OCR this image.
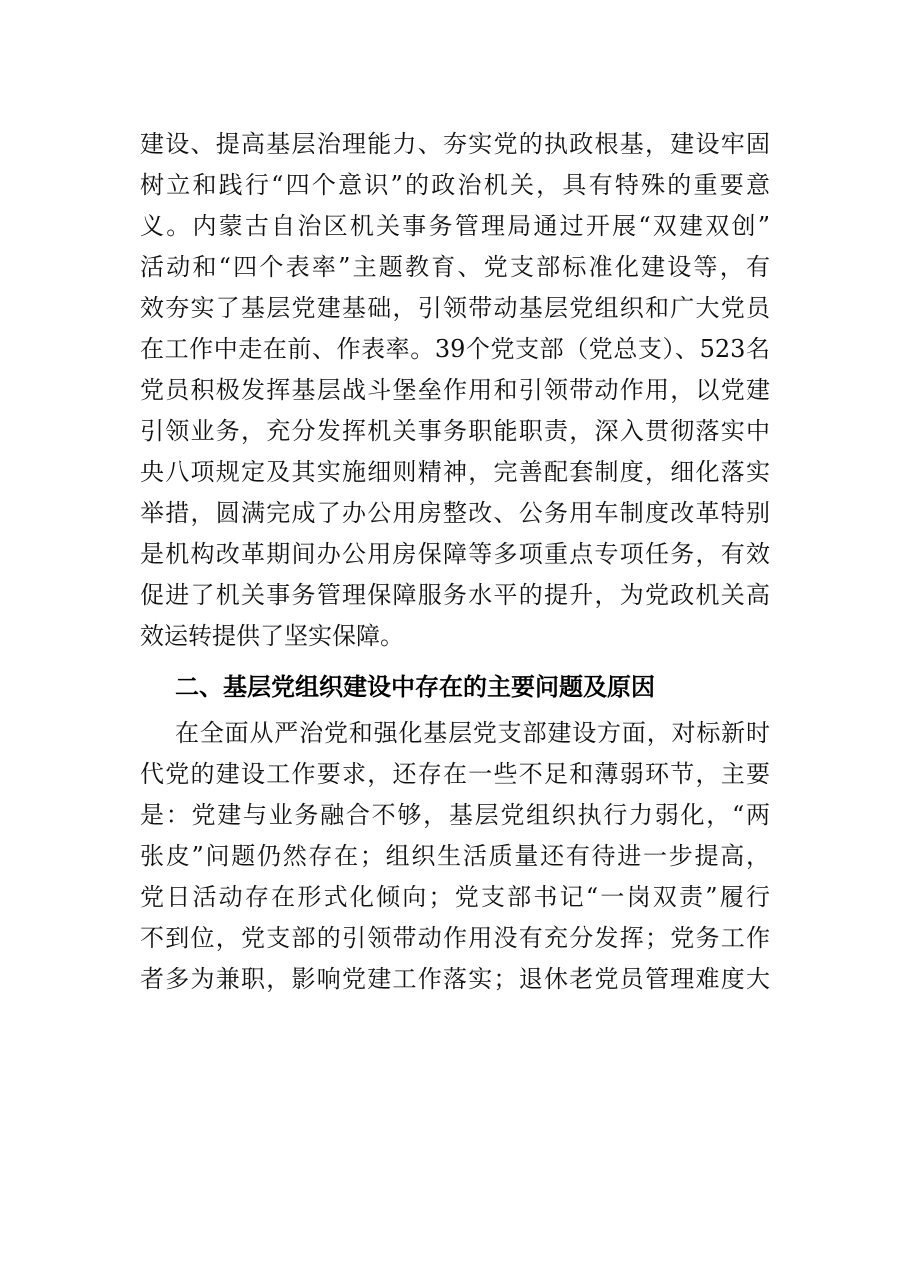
建设、提高基层治理能力、夯实党的执政根基，建设牢固
树立和践行“四个意识”的政治机关，具有特殊的重要意
义。内蒙古自治区机关事务管理局通过开展“双建双创”
活动和“四个表率”主题教育、党支部标准化建设等，有
效夯实了基层党建基础，引领带动基层党组织和广大党员
在工作中走在前、作表率。39个党支部（党总支）、523名
党员积极发挥基层战斗堡垒作用和引领带动作用，以党建
引领业务，充分发挥机关事务职能职责，深入贯彻落实中
央八项规定及其实施细则精神，完善配套制度，细化落实
举措，圆满完成了办公用房整改、公务用车制度改革特别
是机构改革期间办公用房保障等多项重点专项任务，有效
促进了机关事务管理保障服务水平的提升，为党政机关高
效运转提供了坚实保障。
二、基层党组织建设中存在的主要问题及原因
在全面从严治党和强化基层党支部建设方面，对标新时
代党的建设工作要求，还存在一些不足和薄弱环节，主要
是：党建与业务融合不够，基层党组织执行力弱化，“两
张皮”问题仍然存在；组织生活质量还有待进一步提高，
党日活动存在形式化倾向；党支部书记“一岗双责”履行
不到位，党支部的引领带动作用没有充分发挥；党务工作
者多为兼职，影响党建工作落实；退休老党员管理难度大
